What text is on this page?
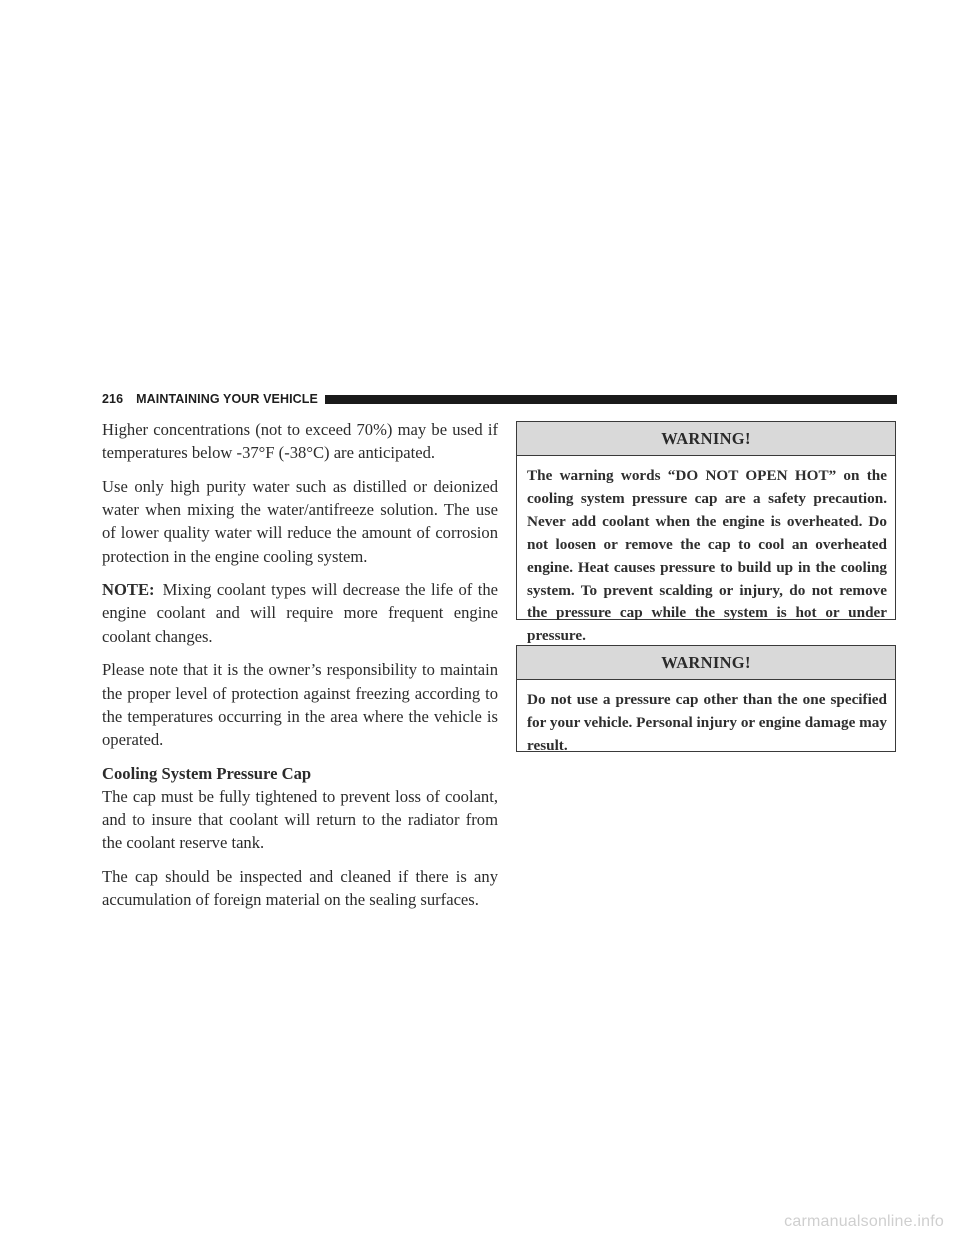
216	MAINTAINING YOUR VEHICLE

Higher concentrations (not to exceed 70%) may be used if temperatures below -37°F (-38°C) are anticipated.

Use only high purity water such as distilled or deionized water when mixing the water/antifreeze solution. The use of lower quality water will reduce the amount of corrosion protection in the engine cooling system.

NOTE: Mixing coolant types will decrease the life of the engine coolant and will require more frequent engine coolant changes.

Please note that it is the owner’s responsibility to maintain the proper level of protection against freezing according to the temperatures occurring in the area where the vehicle is operated.

Cooling System Pressure Cap

The cap must be fully tightened to prevent loss of coolant, and to insure that coolant will return to the radiator from the coolant reserve tank.

The cap should be inspected and cleaned if there is any accumulation of foreign material on the sealing surfaces.

WARNING!
The warning words “DO NOT OPEN HOT” on the cooling system pressure cap are a safety precaution. Never add coolant when the engine is overheated. Do not loosen or remove the cap to cool an overheated engine. Heat causes pressure to build up in the cooling system. To prevent scalding or injury, do not remove the pressure cap while the system is hot or under pressure.
WARNING!
Do not use a pressure cap other than the one specified for your vehicle. Personal injury or engine damage may result.
carmanualsonline.info
